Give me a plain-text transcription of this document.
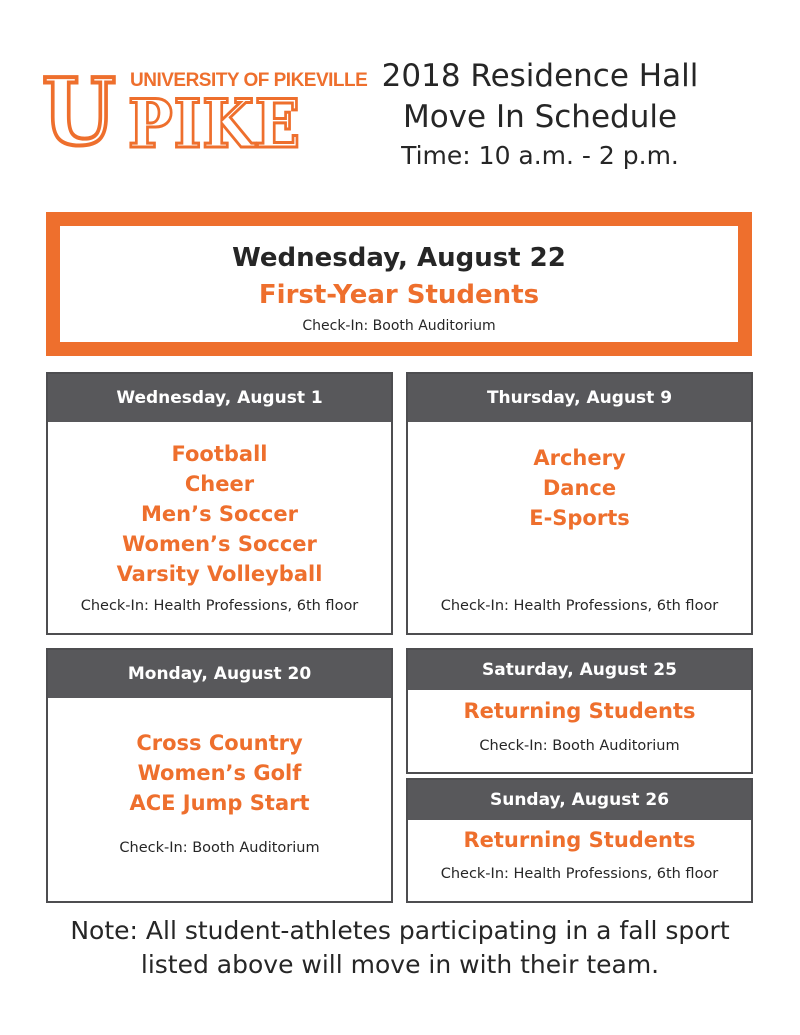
UNIVERSITY OF PIKEVILLE
U PIKE
2018 Residence Hall
Move In Schedule
Time: 10 a.m. - 2 p.m.
Wednesday, August 22
First-Year Students
Check-In: Booth Auditorium
Wednesday, August 1
Football
Cheer
Men’s Soccer
Women’s Soccer
Varsity Volleyball
Check-In: Health Professions, 6th floor
Thursday, August 9
Archery
Dance
E-Sports
Check-In: Health Professions, 6th floor
Monday, August 20
Cross Country
Women’s Golf
ACE Jump Start
Check-In: Booth Auditorium
Saturday, August 25
Returning Students
Check-In: Booth Auditorium
Sunday, August 26
Returning Students
Check-In: Health Professions, 6th floor
Note: All student-athletes participating in a fall sport
listed above will move in with their team.
